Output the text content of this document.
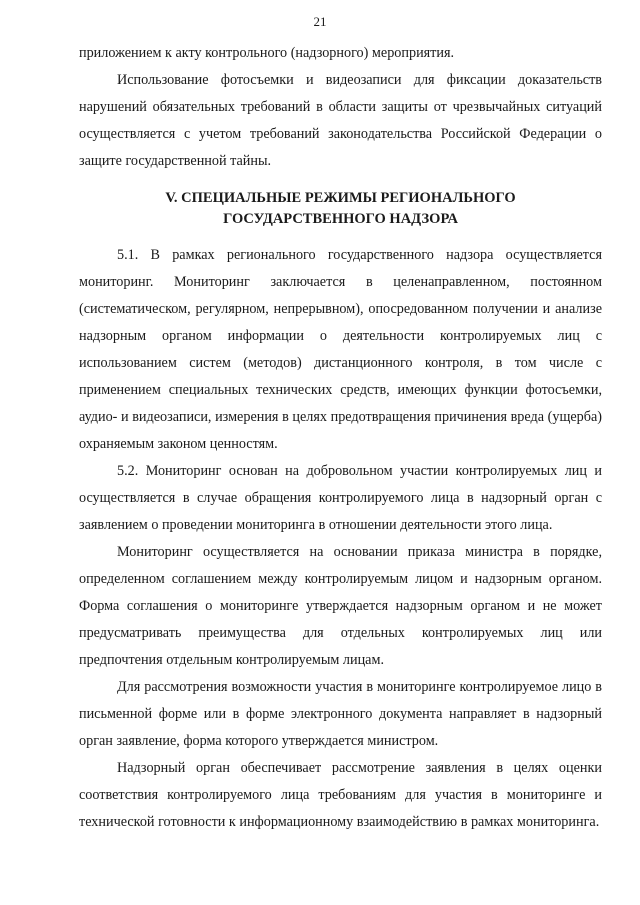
21

приложением к акту контрольного (надзорного) мероприятия.

Использование фотосъемки и видеозаписи для фиксации доказательств нарушений обязательных требований в области защиты от чрезвычайных ситуаций осуществляется с учетом требований законодательства Российской Федерации о защите государственной тайны.

V. СПЕЦИАЛЬНЫЕ РЕЖИМЫ РЕГИОНАЛЬНОГО
ГОСУДАРСТВЕННОГО НАДЗОРА

5.1. В рамках регионального государственного надзора осуществляется мониторинг. Мониторинг заключается в целенаправленном, постоянном (систематическом, регулярном, непрерывном), опосредованном получении и анализе надзорным органом информации о деятельности контролируемых лиц с использованием систем (методов) дистанционного контроля, в том числе с применением специальных технических средств, имеющих функции фотосъемки, аудио- и видеозаписи, измерения в целях предотвращения причинения вреда (ущерба) охраняемым законом ценностям.

5.2. Мониторинг основан на добровольном участии контролируемых лиц и осуществляется в случае обращения контролируемого лица в надзорный орган с заявлением о проведении мониторинга в отношении деятельности этого лица.

Мониторинг осуществляется на основании приказа министра в порядке, определенном соглашением между контролируемым лицом и надзорным органом. Форма соглашения о мониторинге утверждается надзорным органом и не может предусматривать преимущества для отдельных контролируемых лиц или предпочтения отдельным контролируемым лицам.

Для рассмотрения возможности участия в мониторинге контролируемое лицо в письменной форме или в форме электронного документа направляет в надзорный орган заявление, форма которого утверждается министром.

Надзорный орган обеспечивает рассмотрение заявления в целях оценки соответствия контролируемого лица требованиям для участия в мониторинге и технической готовности к информационному взаимодействию в рамках мониторинга.
